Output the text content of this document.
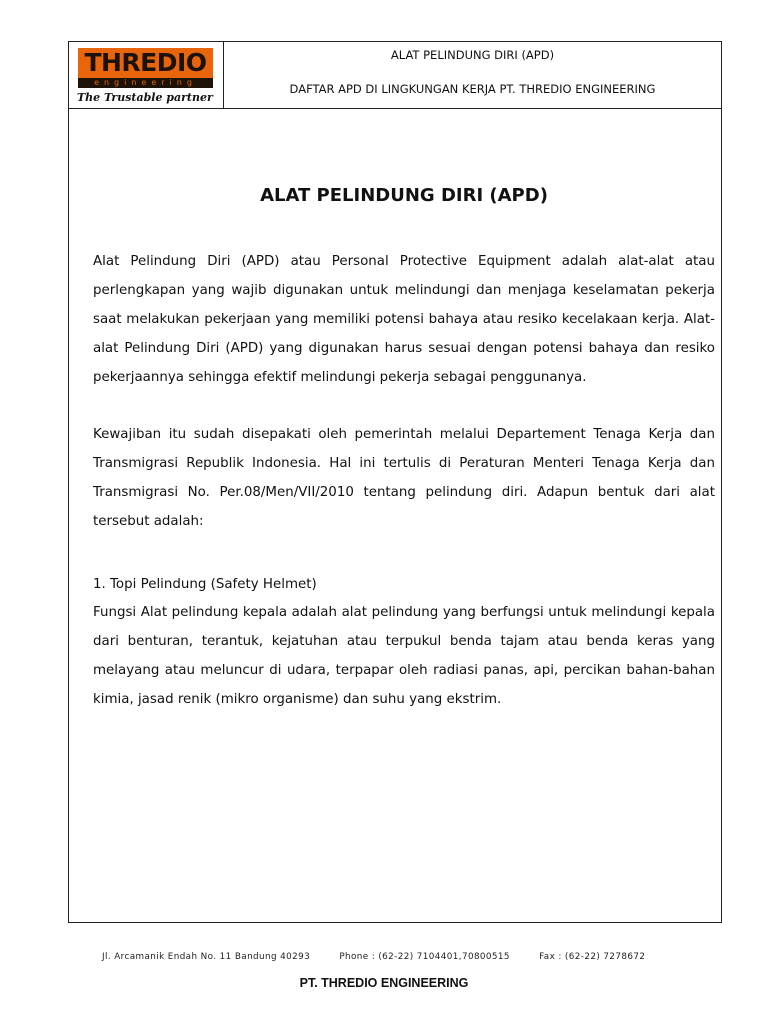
THREDIO
engineering
The Trustable partner
ALAT PELINDUNG DIRI (APD)
DAFTAR APD DI LINGKUNGAN KERJA PT. THREDIO ENGINEERING
ALAT PELINDUNG DIRI (APD)

Alat Pelindung Diri (APD) atau Personal Protective Equipment adalah alat-alat atau perlengkapan yang wajib digunakan untuk melindungi dan menjaga keselamatan pekerja saat melakukan pekerjaan yang memiliki potensi bahaya atau resiko kecelakaan kerja. Alat-alat Pelindung Diri (APD) yang digunakan harus sesuai dengan potensi bahaya dan resiko pekerjaannya sehingga efektif melindungi pekerja sebagai penggunanya.

Kewajiban itu sudah disepakati oleh pemerintah melalui Departement Tenaga Kerja dan Transmigrasi Republik Indonesia. Hal ini tertulis di Peraturan Menteri Tenaga Kerja dan Transmigrasi No. Per.08/Men/VII/2010 tentang pelindung diri. Adapun bentuk dari alat tersebut adalah:

1. Topi Pelindung (Safety Helmet)

Fungsi Alat pelindung kepala adalah alat pelindung yang berfungsi untuk melindungi kepala dari benturan, terantuk, kejatuhan atau terpukul benda tajam atau benda keras yang melayang atau meluncur di udara, terpapar oleh radiasi panas, api, percikan bahan-bahan kimia, jasad renik (mikro organisme) dan suhu yang ekstrim.

Jl. Arcamanik Endah No. 11 Bandung 40293	Phone : (62-22) 7104401,70800515	Fax : (62-22) 7278672
PT. THREDIO ENGINEERING
